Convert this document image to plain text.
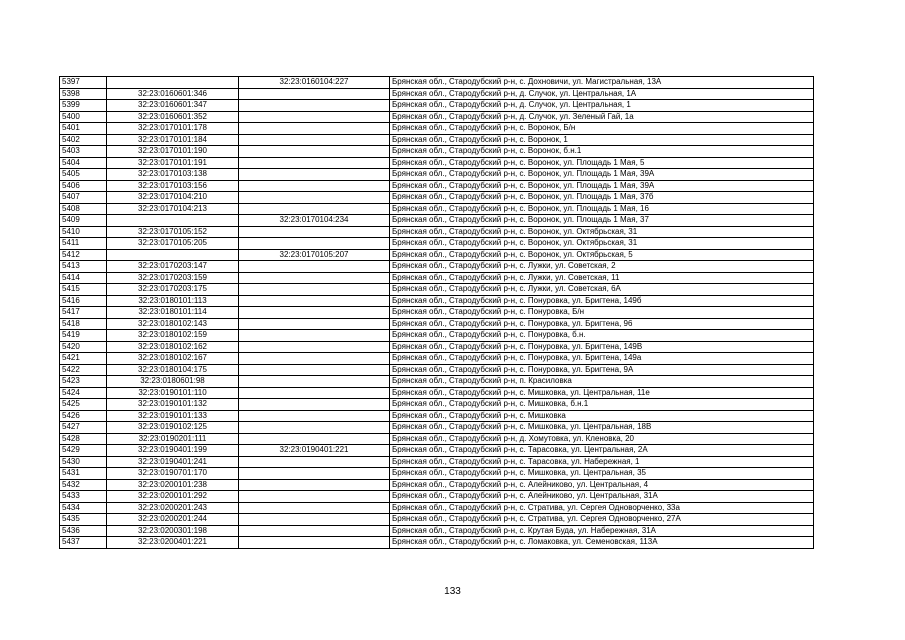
5397		32:23:0160104:227	Брянская обл., Стародубский р-н, с. Дохновичи, ул. Магистральная, 13А
5398	32:23:0160601:346		Брянская обл., Стародубский р-н, д. Случок, ул. Центральная, 1А
5399	32:23:0160601:347		Брянская обл., Стародубский р-н, д. Случок, ул. Центральная, 1
5400	32:23:0160601:352		Брянская обл., Стародубский р-н, д. Случок, ул. Зеленый Гай, 1а
5401	32:23:0170101:178		Брянская обл., Стародубский р-н, с. Воронок, Б/н
5402	32:23:0170101:184		Брянская обл., Стародубский р-н, с. Воронок, 1
5403	32:23:0170101:190		Брянская обл., Стародубский р-н, с. Воронок, б.н.1
5404	32:23:0170101:191		Брянская обл., Стародубский р-н, с. Воронок, ул. Площадь 1 Мая, 5
5405	32:23:0170103:138		Брянская обл., Стародубский р-н, с. Воронок, ул. Площадь 1 Мая, 39А
5406	32:23:0170103:156		Брянская обл., Стародубский р-н, с. Воронок, ул. Площадь 1 Мая, 39А
5407	32:23:0170104:210		Брянская обл., Стародубский р-н, с. Воронок, ул. Площадь 1 Мая, 37б
5408	32:23:0170104:213		Брянская обл., Стародубский р-н, с. Воронок, ул. Площадь 1 Мая, 16
5409		32:23:0170104:234	Брянская обл., Стародубский р-н, с. Воронок, ул. Площадь 1 Мая, 37
5410	32:23:0170105:152		Брянская обл., Стародубский р-н, с. Воронок, ул. Октябрьская, 31
5411	32:23:0170105:205		Брянская обл., Стародубский р-н, с. Воронок, ул. Октябрьская, 31
5412		32:23:0170105:207	Брянская обл., Стародубский р-н, с. Воронок, ул. Октябрьская, 5
5413	32:23:0170203:147		Брянская обл., Стародубский р-н, с. Лужки, ул. Советская, 2
5414	32:23:0170203:159		Брянская обл., Стародубский р-н, с. Лужки, ул. Советская, 11
5415	32:23:0170203:175		Брянская обл., Стародубский р-н, с. Лужки, ул. Советская, 6А
5416	32:23:0180101:113		Брянская обл., Стародубский р-н, с. Понуровка, ул. Бригтена, 149б
5417	32:23:0180101:114		Брянская обл., Стародубский р-н, с. Понуровка, Б/н
5418	32:23:0180102:143		Брянская обл., Стародубский р-н, с. Понуровка, ул. Бригтена, 96
5419	32:23:0180102:159		Брянская обл., Стародубский р-н, с. Понуровка, б.н.
5420	32:23:0180102:162		Брянская обл., Стародубский р-н, с. Понуровка, ул. Бригтена, 149В
5421	32:23:0180102:167		Брянская обл., Стародубский р-н, с. Понуровка, ул. Бригтена, 149а
5422	32:23:0180104:175		Брянская обл., Стародубский р-н, с. Понуровка, ул. Бригтена, 9А
5423	32:23:0180601:98		Брянская обл., Стародубский р-н, п. Красиловка
5424	32:23:0190101:110		Брянская обл., Стародубский р-н, с. Мишковка, ул. Центральная, 11е
5425	32:23:0190101:132		Брянская обл., Стародубский р-н, с. Мишковка, б.н.1
5426	32:23:0190101:133		Брянская обл., Стародубский р-н, с. Мишковка
5427	32:23:0190102:125		Брянская обл., Стародубский р-н, с. Мишковка, ул. Центральная, 18В
5428	32:23:0190201:111		Брянская обл., Стародубский р-н, д. Хомутовка, ул. Кленовка, 20
5429	32:23:0190401:199	32:23:0190401:221	Брянская обл., Стародубский р-н, с. Тарасовка, ул. Центральная, 2А
5430	32:23:0190401:241		Брянская обл., Стародубский р-н, с. Тарасовка, ул. Набережная, 1
5431	32:23:0190701:170		Брянская обл., Стародубский р-н, с. Мишковка, ул. Центральная, 35
5432	32:23:0200101:238		Брянская обл., Стародубский р-н, с. Алейниково, ул. Центральная, 4
5433	32:23:0200101:292		Брянская обл., Стародубский р-н, с. Алейниково, ул. Центральная, 31А
5434	32:23:0200201:243		Брянская обл., Стародубский р-н, с. Стратива, ул. Сергея Одноворченко, 33а
5435	32:23:0200201:244		Брянская обл., Стародубский р-н, с. Стратива, ул. Сергея Одноворченко, 27А
5436	32:23:0200301:198		Брянская обл., Стародубский р-н, с. Крутая Буда, ул. Набережная, 31А
5437	32:23:0200401:221		Брянская обл., Стародубский р-н, с. Ломаковка, ул. Семеновская, 113А
133
